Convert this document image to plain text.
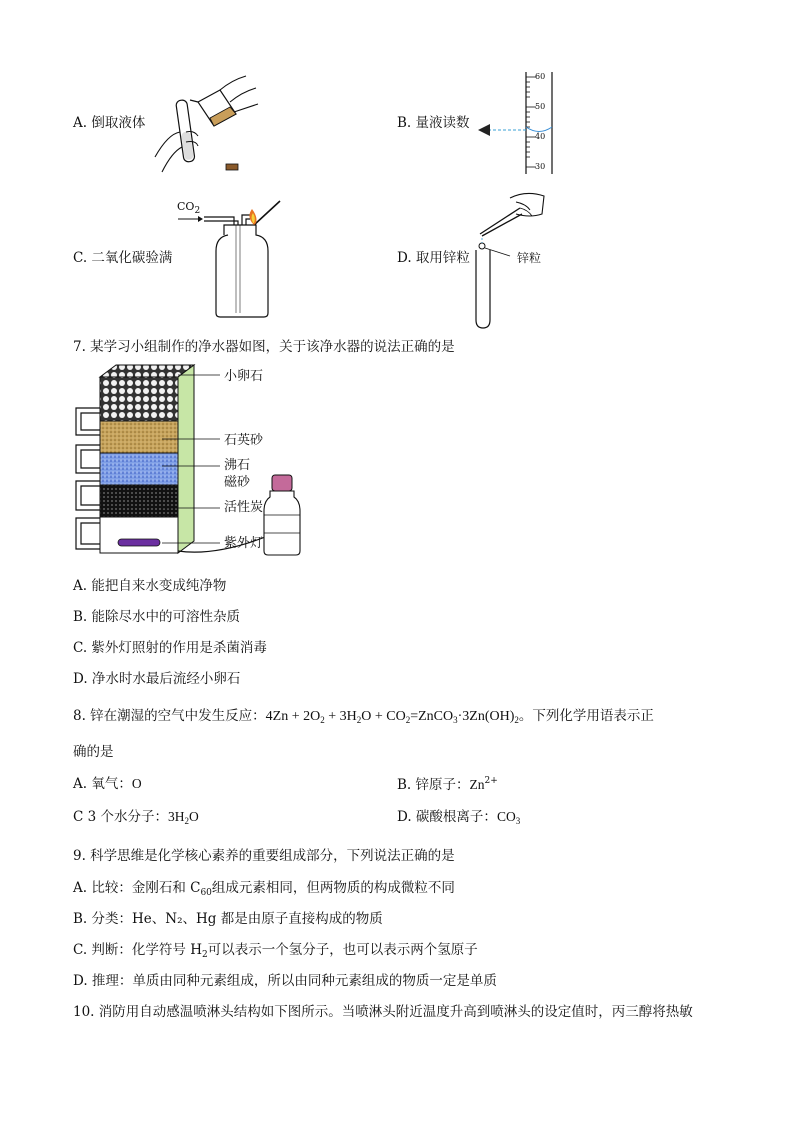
A. 倒取液体	B. 量液读数
60
50
40
30
C. 二氧化碳验满
$CO_2$
D. 取用锌粒	锌粒
7. 某学习小组制作的净水器如图，关于该净水器的说法正确的是
小卵石
石英砂
沸石
磁砂
活性炭
紫外灯
A. 能把自来水变成纯净物
B. 能除尽水中的可溶性杂质
C. 紫外灯照射的作用是杀菌消毒
D. 净水时水最后流经小卵石
8. 锌在潮湿的空气中发生反应：$4Zn + 2O_2 + 3H_2O$ + $CO_2=ZnCO_3\cdot 3Zn(OH)_2$。下列化学用语表示正
确的是
A. 氧气：O	B. 锌原子：$Zn^{2+}$
C 3 个水分子：$3H_2O$	D. 碳酸根离子：$CO_3$
9. 科学思维是化学核心素养的重要组成部分，下列说法正确的是
A. 比较：金刚石和 $C_{60}$组成元素相同，但两物质的构成微粒不同
B. 分类：He、N₂、Hg 都是由原子直接构成的物质
C. 判断：化学符号 $H_2$可以表示一个氢分子，也可以表示两个氢原子
D. 推理：单质由同种元素组成，所以由同种元素组成的物质一定是单质
10. 消防用自动感温喷淋头结构如下图所示。当喷淋头附近温度升高到喷淋头的设定值时，丙三醇将热敏
